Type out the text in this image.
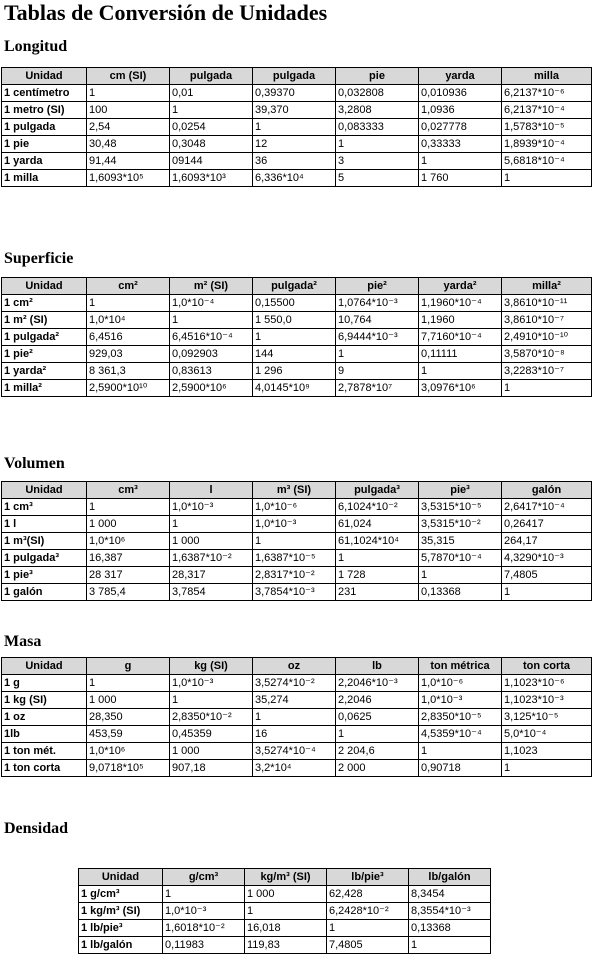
Tablas de Conversión de Unidades
Longitud
Unidad	cm (SI)	pulgada	pulgada	pie	yarda	milla
1 centímetro	1	0,01	0,39370	0,032808	0,010936	6,2137*10⁻⁶
1 metro (SI)	100	1	39,370	3,2808	1,0936	6,2137*10⁻⁴
1 pulgada	2,54	0,0254	1	0,083333	0,027778	1,5783*10⁻⁵
1 pie	30,48	0,3048	12	1	0,33333	1,8939*10⁻⁴
1 yarda	91,44	09144	36	3	1	5,6818*10⁻⁴
1 milla	1,6093*10⁵	1,6093*10³	6,336*10⁴	5	1 760	1
Superficie
Unidad	cm²	m² (SI)	pulgada²	pie²	yarda²	milla²
1 cm²	1	1,0*10⁻⁴	0,15500	1,0764*10⁻³	1,1960*10⁻⁴	3,8610*10⁻¹¹
1 m² (SI)	1,0*10⁴	1	1 550,0	10,764	1,1960	3,8610*10⁻⁷
1 pulgada²	6,4516	6,4516*10⁻⁴	1	6,9444*10⁻³	7,7160*10⁻⁴	2,4910*10⁻¹⁰
1 pie²	929,03	0,092903	144	1	0,11111	3,5870*10⁻⁸
1 yarda²	8 361,3	0,83613	1 296	9	1	3,2283*10⁻⁷
1 milla²	2,5900*10¹⁰	2,5900*10⁶	4,0145*10⁹	2,7878*10⁷	3,0976*10⁶	1
Volumen
Unidad	cm³	l	m³ (SI)	pulgada³	pie³	galón
1 cm³	1	1,0*10⁻³	1,0*10⁻⁶	6,1024*10⁻²	3,5315*10⁻⁵	2,6417*10⁻⁴
1 l	1 000	1	1,0*10⁻³	61,024	3,5315*10⁻²	0,26417
1 m³(SI)	1,0*10⁶	1 000	1	61,1024*10⁴	35,315	264,17
1 pulgada³	16,387	1,6387*10⁻²	1,6387*10⁻⁵	1	5,7870*10⁻⁴	4,3290*10⁻³
1 pie³	28 317	28,317	2,8317*10⁻²	1 728	1	7,4805
1 galón	3 785,4	3,7854	3,7854*10⁻³	231	0,13368	1
Masa
Unidad	g	kg (SI)	oz	lb	ton métrica	ton corta
1 g	1	1,0*10⁻³	3,5274*10⁻²	2,2046*10⁻³	1,0*10⁻⁶	1,1023*10⁻⁶
1 kg (SI)	1 000	1	35,274	2,2046	1,0*10⁻³	1,1023*10⁻³
1 oz	28,350	2,8350*10⁻²	1	0,0625	2,8350*10⁻⁵	3,125*10⁻⁵
1lb	453,59	0,45359	16	1	4,5359*10⁻⁴	5,0*10⁻⁴
1 ton mét.	1,0*10⁶	1 000	3,5274*10⁻⁴	2 204,6	1	1,1023
1 ton corta	9,0718*10⁵	907,18	3,2*10⁴	2 000	0,90718	1
Densidad
Unidad	g/cm³	kg/m³ (SI)	lb/pie³	lb/galón
1 g/cm³	1	1 000	62,428	8,3454
1 kg/m³ (SI)	1,0*10⁻³	1	6,2428*10⁻²	8,3554*10⁻³
1 lb/pie³	1,6018*10⁻²	16,018	1	0,13368
1 lb/galón	0,11983	119,83	7,4805	1
